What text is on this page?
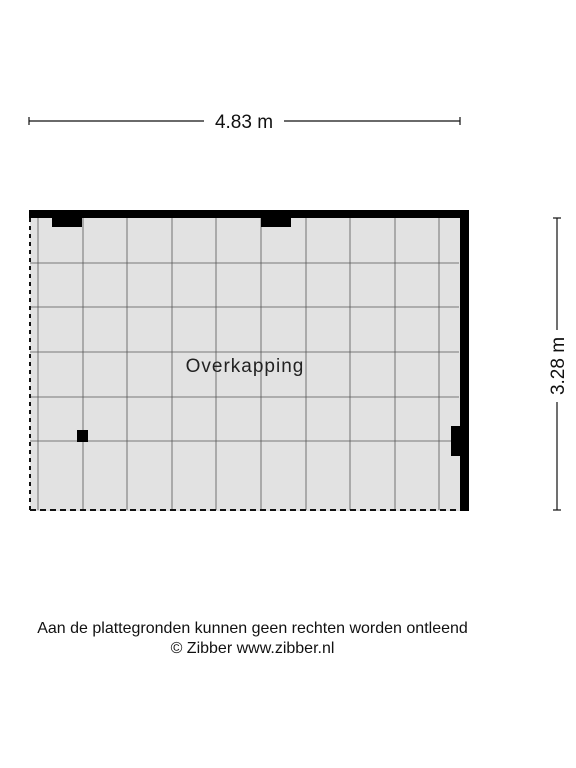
4.83 m
3.28 m
Overkapping
Aan de plattegronden kunnen geen rechten worden ontleend
© Zibber www.zibber.nl
